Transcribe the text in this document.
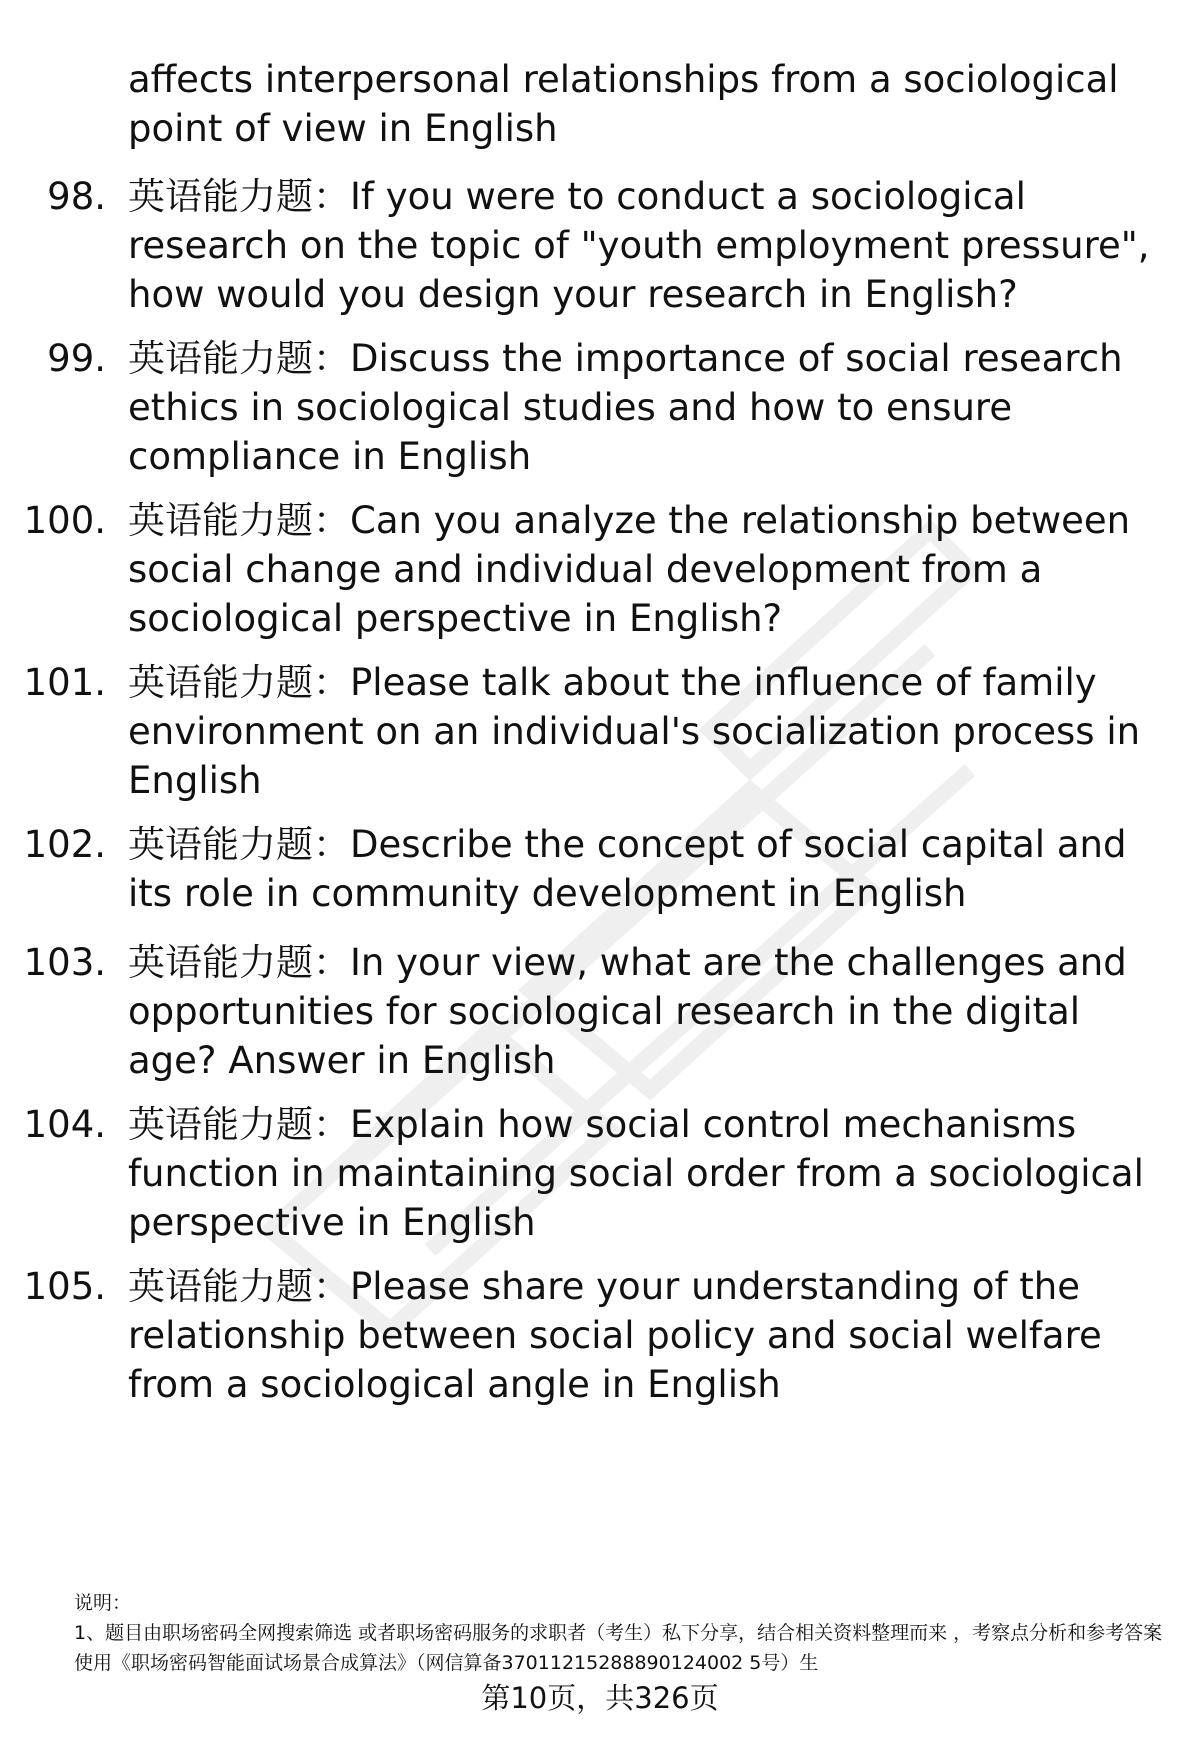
affects interpersonal relationships from a sociological point of view in English
98. 英语能力题：If you were to conduct a sociological research on the topic of "youth employment pressure", how would you design your research in English?
99. 英语能力题：Discuss the importance of social research ethics in sociological studies and how to ensure compliance in English
100. 英语能力题：Can you analyze the relationship between social change and individual development from a sociological perspective in English?
101. 英语能力题：Please talk about the influence of family environment on an individual's socialization process in English
102. 英语能力题：Describe the concept of social capital and its role in community development in English
103. 英语能力题：In your view, what are the challenges and opportunities for sociological research in the digital age? Answer in English
104. 英语能力题：Explain how social control mechanisms function in maintaining social order from a sociological perspective in English
105. 英语能力题：Please share your understanding of the relationship between social policy and social welfare from a sociological angle in English
说明：
1、题目由职场密码全网搜索筛选 或者职场密码服务的求职者（考生）私下分享，结合相关资料整理而来 ，考察点分析和参考答案使用《职场密码智能面试场景合成算法》（网信算备37011215288890124002 5号）生
第10页，共326页
